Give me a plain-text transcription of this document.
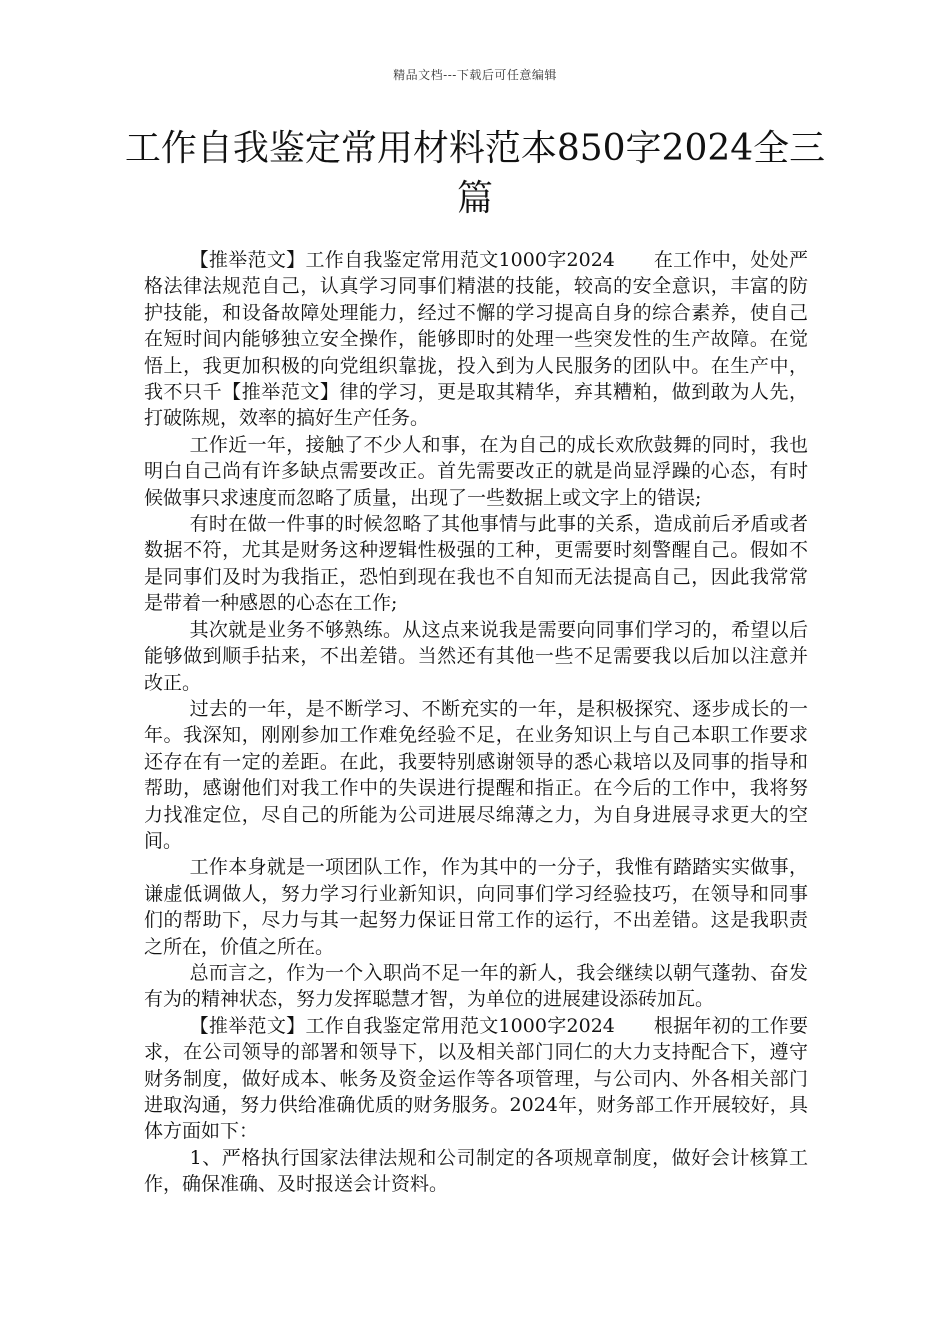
精品文档---下载后可任意编辑
工作自我鉴定常用材料范本850字2024全三篇

【推举范文】工作自我鉴定常用范文1000字2024　　在工作中，处处严格法律法规范自己，认真学习同事们精湛的技能，较高的安全意识，丰富的防护技能，和设备故障处理能力，经过不懈的学习提高自身的综合素养，使自己在短时间内能够独立安全操作，能够即时的处理一些突发性的生产故障。在觉悟上，我更加积极的向党组织靠拢，投入到为人民服务的团队中。在生产中，我不只千【推举范文】律的学习，更是取其精华，弃其糟粕，做到敢为人先，打破陈规，效率的搞好生产任务。

工作近一年，接触了不少人和事，在为自己的成长欢欣鼓舞的同时，我也明白自己尚有许多缺点需要改正。首先需要改正的就是尚显浮躁的心态，有时候做事只求速度而忽略了质量，出现了一些数据上或文字上的错误;

有时在做一件事的时候忽略了其他事情与此事的关系，造成前后矛盾或者数据不符，尤其是财务这种逻辑性极强的工种，更需要时刻警醒自己。假如不是同事们及时为我指正，恐怕到现在我也不自知而无法提高自己，因此我常常是带着一种感恩的心态在工作;

其次就是业务不够熟练。从这点来说我是需要向同事们学习的，希望以后能够做到顺手拈来，不出差错。当然还有其他一些不足需要我以后加以注意并改正。

过去的一年，是不断学习、不断充实的一年，是积极探究、逐步成长的一年。我深知，刚刚参加工作难免经验不足，在业务知识上与自己本职工作要求还存在有一定的差距。在此，我要特别感谢领导的悉心栽培以及同事的指导和帮助，感谢他们对我工作中的失误进行提醒和指正。在今后的工作中，我将努力找准定位，尽自己的所能为公司进展尽绵薄之力，为自身进展寻求更大的空间。

工作本身就是一项团队工作，作为其中的一分子，我惟有踏踏实实做事，谦虚低调做人，努力学习行业新知识，向同事们学习经验技巧，在领导和同事们的帮助下，尽力与其一起努力保证日常工作的运行，不出差错。这是我职责之所在，价值之所在。

总而言之，作为一个入职尚不足一年的新人，我会继续以朝气蓬勃、奋发有为的精神状态，努力发挥聪慧才智，为单位的进展建设添砖加瓦。

【推举范文】工作自我鉴定常用范文1000字2024　　根据年初的工作要求，在公司领导的部署和领导下，以及相关部门同仁的大力支持配合下，遵守财务制度，做好成本、帐务及资金运作等各项管理，与公司内、外各相关部门进取沟通，努力供给准确优质的财务服务。2024年，财务部工作开展较好，具体方面如下：

1、严格执行国家法律法规和公司制定的各项规章制度，做好会计核算工作，确保准确、及时报送会计资料。
